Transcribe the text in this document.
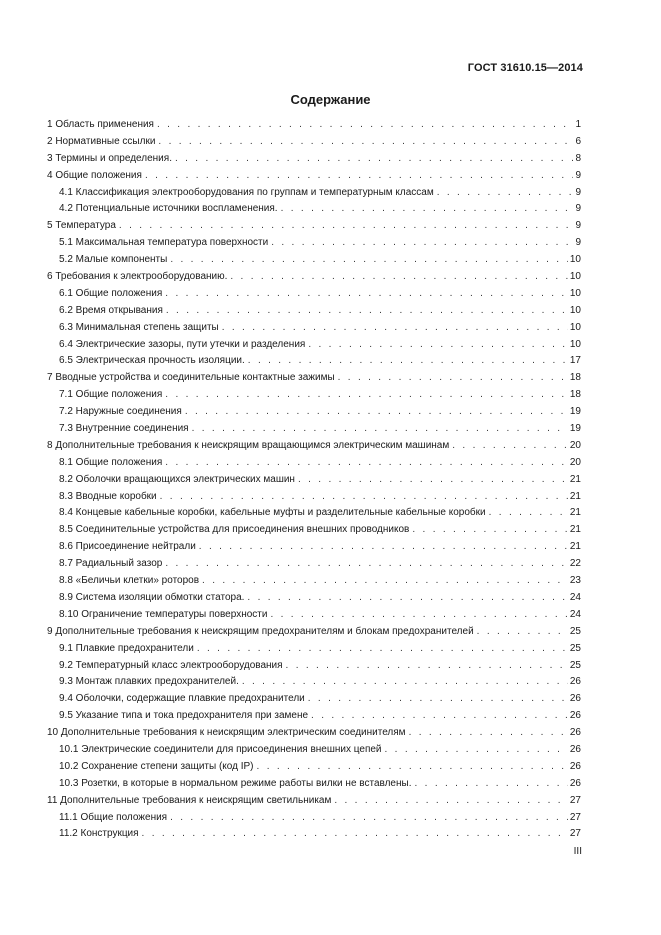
ГОСТ 31610.15—2014
Содержание
1 Область применения . . .	1
2 Нормативные ссылки . . .	6
3 Термины и определения. . . .	8
4 Общие положения . . .	9
4.1 Классификация электрооборудования по группам и температурным классам . . .	9
4.2 Потенциальные источники воспламенения. . . .	9
5 Температура . . .	9
5.1 Максимальная температура поверхности . . .	9
5.2 Малые компоненты . . .	10
6 Требования к электрооборудованию. . . .	10
6.1 Общие положения . . .	10
6.2 Время открывания . . .	10
6.3 Минимальная степень защиты . . .	10
6.4 Электрические зазоры, пути утечки и разделения . . .	10
6.5 Электрическая прочность изоляции. . . .	17
7 Вводные устройства и соединительные контактные зажимы . . .	18
7.1 Общие положения . . .	18
7.2 Наружные соединения . . .	19
7.3 Внутренние соединения . . .	19
8 Дополнительные требования к неискрящим вращающимся электрическим машинам . . .	20
8.1 Общие положения . . .	20
8.2 Оболочки вращающихся электрических машин . . .	21
8.3 Вводные коробки . . .	21
8.4 Концевые кабельные коробки, кабельные муфты и разделительные кабельные коробки . . .	21
8.5 Соединительные устройства для присоединения внешних проводников . . .	21
8.6 Присоединение нейтрали . . .	21
8.7 Радиальный зазор . . .	22
8.8 «Беличьи клетки» роторов . . .	23
8.9 Система изоляции обмотки статора. . . .	24
8.10 Ограничение температуры поверхности . . .	24
9 Дополнительные требования к неискрящим предохранителям и блокам предохранителей . . .	25
9.1 Плавкие предохранители . . .	25
9.2 Температурный класс электрооборудования . . .	25
9.3 Монтаж плавких предохранителей. . . .	26
9.4 Оболочки, содержащие плавкие предохранители . . .	26
9.5 Указание типа и тока предохранителя при замене . . .	26
10 Дополнительные требования к неискрящим электрическим соединителям . . .	26
10.1 Электрические соединители для присоединения внешних цепей . . .	26
10.2 Сохранение степени защиты (код IP) . . .	26
10.3 Розетки, в которые в нормальном режиме работы вилки не вставлены. . . .	26
11 Дополнительные требования к неискрящим светильникам . . .	27
11.1 Общие положения . . .	27
11.2 Конструкция . . .	27
III
